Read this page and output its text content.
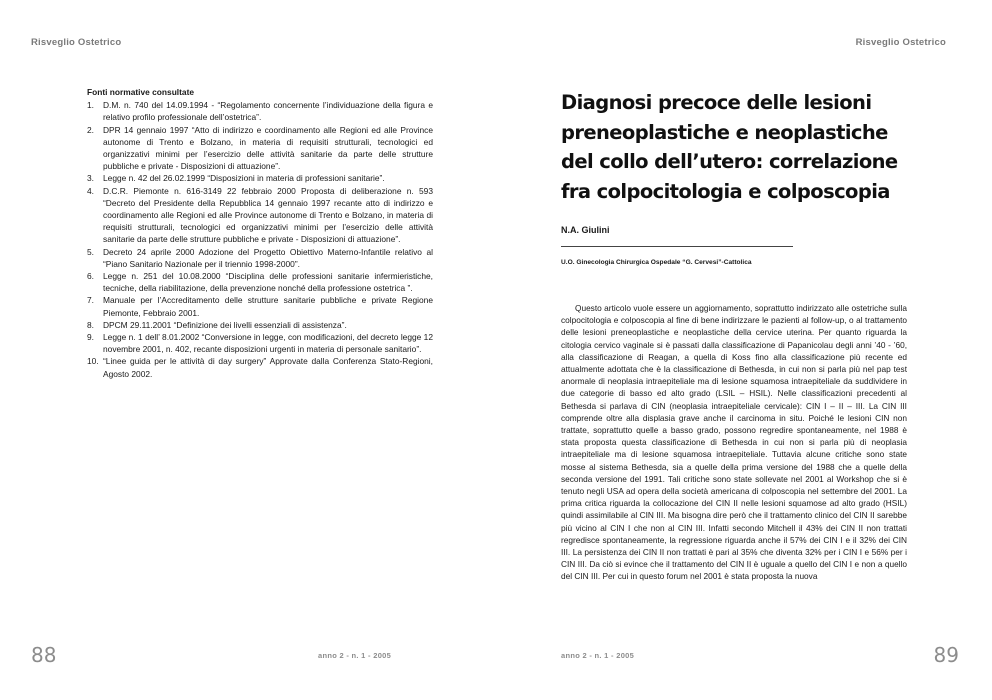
Risveglio Ostetrico
Fonti normative consultate
1. D.M. n. 740 del 14.09.1994 - “Regolamento concernente l’individuazione della figura e relativo profilo professionale dell’ostetrica”.
2. DPR 14 gennaio 1997 “Atto di indirizzo e coordinamento alle Regioni ed alle Province autonome di Trento e Bolzano, in materia di requisiti strutturali, tecnologici ed organizzativi minimi per l’esercizio delle attività sanitarie da parte delle strutture pubbliche e private - Disposizioni di attuazione”.
3. Legge n. 42 del 26.02.1999 “Disposizioni in materia di professioni sanitarie”.
4. D.C.R. Piemonte n. 616-3149 22 febbraio 2000 Proposta di deliberazione n. 593 “Decreto del Presidente della Repubblica 14 gennaio 1997 recante atto di indirizzo e coordinamento alle Regioni ed alle Province autonome di Trento e Bolzano, in materia di requisiti strutturali, tecnologici ed organizzativi minimi per l’esercizio delle attività sanitarie da parte delle strutture pubbliche e private - Disposizioni di attuazione”.
5. Decreto 24 aprile 2000 Adozione del Progetto Obiettivo Materno-Infantile relativo al “Piano Sanitario Nazionale per il triennio 1998-2000”.
6. Legge n. 251 del 10.08.2000 “Disciplina delle professioni sanitarie infermieristiche, tecniche, della riabilitazione, della prevenzione nonché della professione ostetrica ”.
7. Manuale per l’Accreditamento delle strutture sanitarie pubbliche e private Regione Piemonte, Febbraio 2001.
8. DPCM 29.11.2001 “Definizione dei livelli essenziali di assistenza”.
9. Legge n. 1 dell’ 8.01.2002 “Conversione in legge, con modificazioni, del decreto legge 12 novembre 2001, n. 402, recante disposizioni urgenti in materia di personale sanitario”.
10. “Linee guida per le attività di day surgery” Approvate dalla Conferenza Stato-Regioni, Agosto 2002.
88	anno 2 - n. 1 - 2005
Risveglio Ostetrico
Diagnosi precoce delle lesioni preneoplastiche e neoplastiche del collo dell’utero: correlazione fra colpocitologia e colposcopia
N.A. Giulini
U.O. Ginecologia Chirurgica Ospedale “G. Cervesi”-Cattolica

Questo articolo vuole essere un aggiornamento, soprattutto indirizzato alle ostetriche sulla colpocitologia e colposcopia al fine di bene indirizzare le pazienti al follow-up, o al trattamento delle lesioni preneoplastiche e neoplastiche della cervice uterina. Per quanto riguarda la citologia cervico vaginale si è passati dalla classificazione di Papanicolau degli anni ’40 - ’60, alla classificazione di Reagan, a quella di Koss fino alla classificazione più recente ed attualmente adottata che è la classificazione di Bethesda, in cui non si parla più nel pap test anormale di neoplasia intraepiteliale ma di lesione squamosa intraepiteliale da suddividere in due categorie di basso ed alto grado (LSIL – HSIL). Nelle classificazioni precedenti al Bethesda si parlava di CIN (neoplasia intraepiteliale cervicale): CIN I – II – III. La CIN III comprende oltre alla displasia grave anche il carcinoma in situ. Poiché le lesioni CIN non trattate, soprattutto quelle a basso grado, possono regredire spontaneamente, nel 1988 è stata proposta questa classificazione di Bethesda in cui non si parla più di neoplasia intraepiteliale ma di lesione squamosa intraepiteliale. Tuttavia alcune critiche sono state mosse al sistema Bethesda, sia a quelle della prima versione del 1988 che a quelle della seconda versione del 1991. Tali critiche sono state sollevate nel 2001 al Workshop che si è tenuto negli USA ad opera della società americana di colposcopia nel settembre del 2001. La prima critica riguarda la collocazione del CIN II nelle lesioni squamose ad alto grado (HSIL) quindi assimilabile al CIN III. Ma bisogna dire però che il trattamento clinico del CIN II sarebbe più vicino al CIN I che non al CIN III. Infatti secondo Mitchell il 43% dei CIN II non trattati regredisce spontaneamente, la regressione riguarda anche il 57% dei CIN I e il 32% dei CIN III. La persistenza dei CIN II non trattati è pari al 35% che diventa 32% per i CIN I e 56% per i CIN III. Da ciò si evince che il trattamento del CIN II è uguale a quello del CIN I e non a quello del CIN III. Per cui in questo forum nel 2001 è stata proposta la nuova

anno 2 - n. 1 - 2005	89
